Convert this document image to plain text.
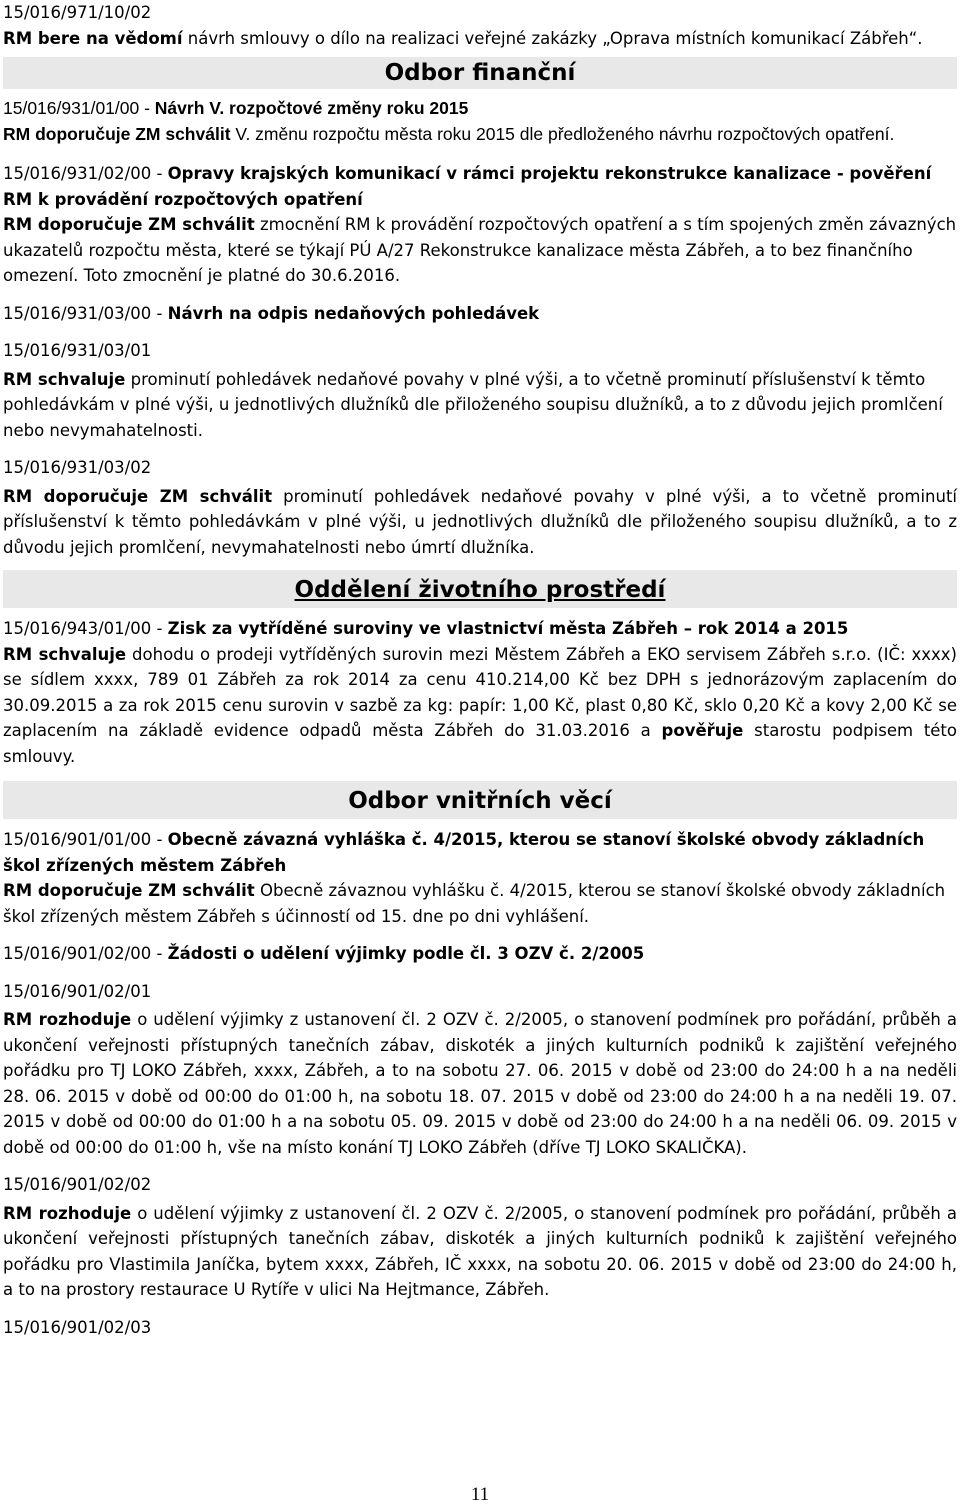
15/016/971/10/02

RM bere na vědomí návrh smlouvy o dílo na realizaci veřejné zakázky „Oprava místních komunikací Zábřeh“.

Odbor finanční

15/016/931/01/00 - Návrh V. rozpočtové změny roku 2015

RM doporučuje ZM schválit V. změnu rozpočtu města roku 2015 dle předloženého návrhu rozpočtových opatření.

15/016/931/02/00 - Opravy krajských komunikací v rámci projektu rekonstrukce kanalizace - pověření RM k provádění rozpočtových opatření

RM doporučuje ZM schválit zmocnění RM k provádění rozpočtových opatření a s tím spojených změn závazných ukazatelů rozpočtu města, které se týkají PÚ A/27 Rekonstrukce kanalizace města Zábřeh, a to bez finančního omezení. Toto zmocnění je platné do 30.6.2016.

15/016/931/03/00 - Návrh na odpis nedaňových pohledávek

15/016/931/03/01

RM schvaluje prominutí pohledávek nedaňové povahy v plné výši, a to včetně prominutí příslušenství k těmto pohledávkám v plné výši, u jednotlivých dlužníků dle přiloženého soupisu dlužníků, a to z důvodu jejich promlčení nebo nevymahatelnosti.

15/016/931/03/02

RM doporučuje ZM schválit prominutí pohledávek nedaňové povahy v plné výši, a to včetně prominutí příslušenství k těmto pohledávkám v plné výši, u jednotlivých dlužníků dle přiloženého soupisu dlužníků, a to z důvodu jejich promlčení, nevymahatelnosti nebo úmrtí dlužníka.

Oddělení životního prostředí

15/016/943/01/00 - Zisk za vytříděné suroviny ve vlastnictví města Zábřeh – rok 2014 a 2015

RM schvaluje dohodu o prodeji vytříděných surovin mezi Městem Zábřeh a EKO servisem Zábřeh s.r.o. (IČ: xxxx) se sídlem xxxx, 789 01 Zábřeh za rok 2014 za cenu 410.214,00 Kč bez DPH s jednorázovým zaplacením do 30.09.2015 a za rok 2015 cenu surovin v sazbě za kg: papír: 1,00 Kč, plast 0,80 Kč, sklo 0,20 Kč a kovy 2,00 Kč se zaplacením na základě evidence odpadů města Zábřeh do 31.03.2016 a pověřuje starostu podpisem této smlouvy.

Odbor vnitřních věcí

15/016/901/01/00 - Obecně závazná vyhláška č. 4/2015, kterou se stanoví školské obvody základních škol zřízených městem Zábřeh

RM doporučuje ZM schválit Obecně závaznou vyhlášku č. 4/2015, kterou se stanoví školské obvody základních škol zřízených městem Zábřeh s účinností od 15. dne po dni vyhlášení.

15/016/901/02/00 - Žádosti o udělení výjimky podle čl. 3 OZV č. 2/2005

15/016/901/02/01

RM rozhoduje o udělení výjimky z ustanovení čl. 2 OZV č. 2/2005, o stanovení podmínek pro pořádání, průběh a ukončení veřejnosti přístupných tanečních zábav, diskoték a jiných kulturních podniků k zajištění veřejného pořádku pro TJ LOKO Zábřeh, xxxx, Zábřeh, a to na sobotu 27. 06. 2015 v době od 23:00 do 24:00 h a na neděli 28. 06. 2015 v době od 00:00 do 01:00 h, na sobotu 18. 07. 2015 v době od 23:00 do 24:00 h a na neděli 19. 07. 2015 v době od 00:00 do 01:00 h a na sobotu 05. 09. 2015 v době od 23:00 do 24:00 h a na neděli 06. 09. 2015 v době od 00:00 do 01:00 h, vše na místo konání TJ LOKO Zábřeh (dříve TJ LOKO SKALIČKA).

15/016/901/02/02

RM rozhoduje o udělení výjimky z ustanovení čl. 2 OZV č. 2/2005, o stanovení podmínek pro pořádání, průběh a ukončení veřejnosti přístupných tanečních zábav, diskoték a jiných kulturních podniků k zajištění veřejného pořádku pro Vlastimila Janíčka, bytem xxxx, Zábřeh, IČ xxxx, na sobotu 20. 06. 2015 v době od 23:00 do 24:00 h, a to na prostory restaurace U Rytíře v ulici Na Hejtmance, Zábřeh.

15/016/901/02/03

11
